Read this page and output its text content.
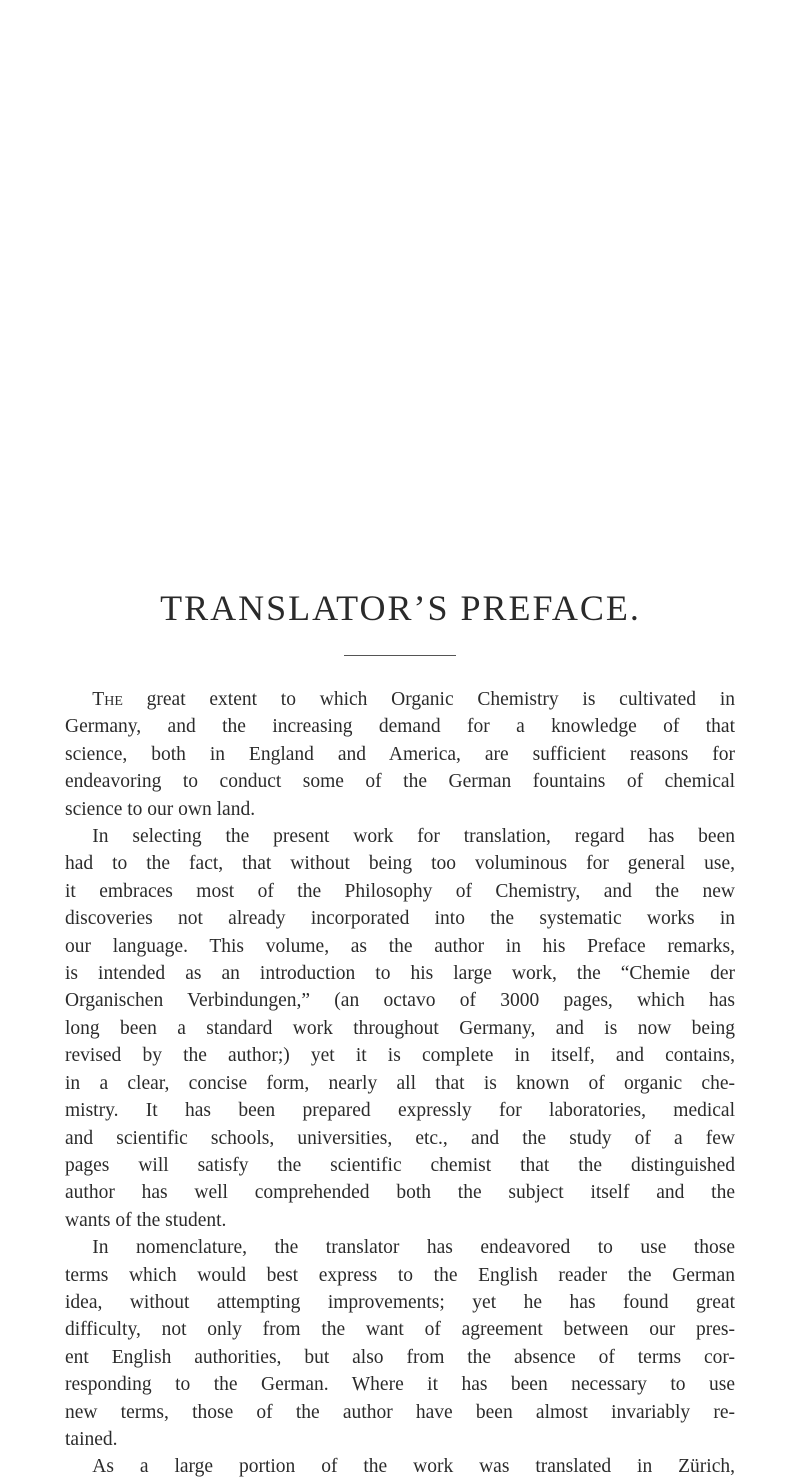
TRANSLATOR’S PREFACE.
The great extent to which Organic Chemistry is cultivated in
Germany, and the increasing demand for a knowledge of that
science, both in England and America, are sufficient reasons for
endeavoring to conduct some of the German fountains of chemical
science to our own land.
In selecting the present work for translation, regard has been
had to the fact, that without being too voluminous for general use,
it embraces most of the Philosophy of Chemistry, and the new
discoveries not already incorporated into the systematic works in
our language. This volume, as the author in his Preface remarks,
is intended as an introduction to his large work, the “Chemie der
Organischen Verbindungen,” (an octavo of 3000 pages, which has
long been a standard work throughout Germany, and is now being
revised by the author;) yet it is complete in itself, and contains,
in a clear, concise form, nearly all that is known of organic che-
mistry. It has been prepared expressly for laboratories, medical
and scientific schools, universities, etc., and the study of a few
pages will satisfy the scientific chemist that the distinguished
author has well comprehended both the subject itself and the
wants of the student.
In nomenclature, the translator has endeavored to use those
terms which would best express to the English reader the German
idea, without attempting improvements; yet he has found great
difficulty, not only from the want of agreement between our pres-
ent English authorities, but also from the absence of terms cor-
responding to the German. Where it has been necessary to use
new terms, those of the author have been almost invariably re-
tained.
As a large portion of the work was translated in Zürich,
